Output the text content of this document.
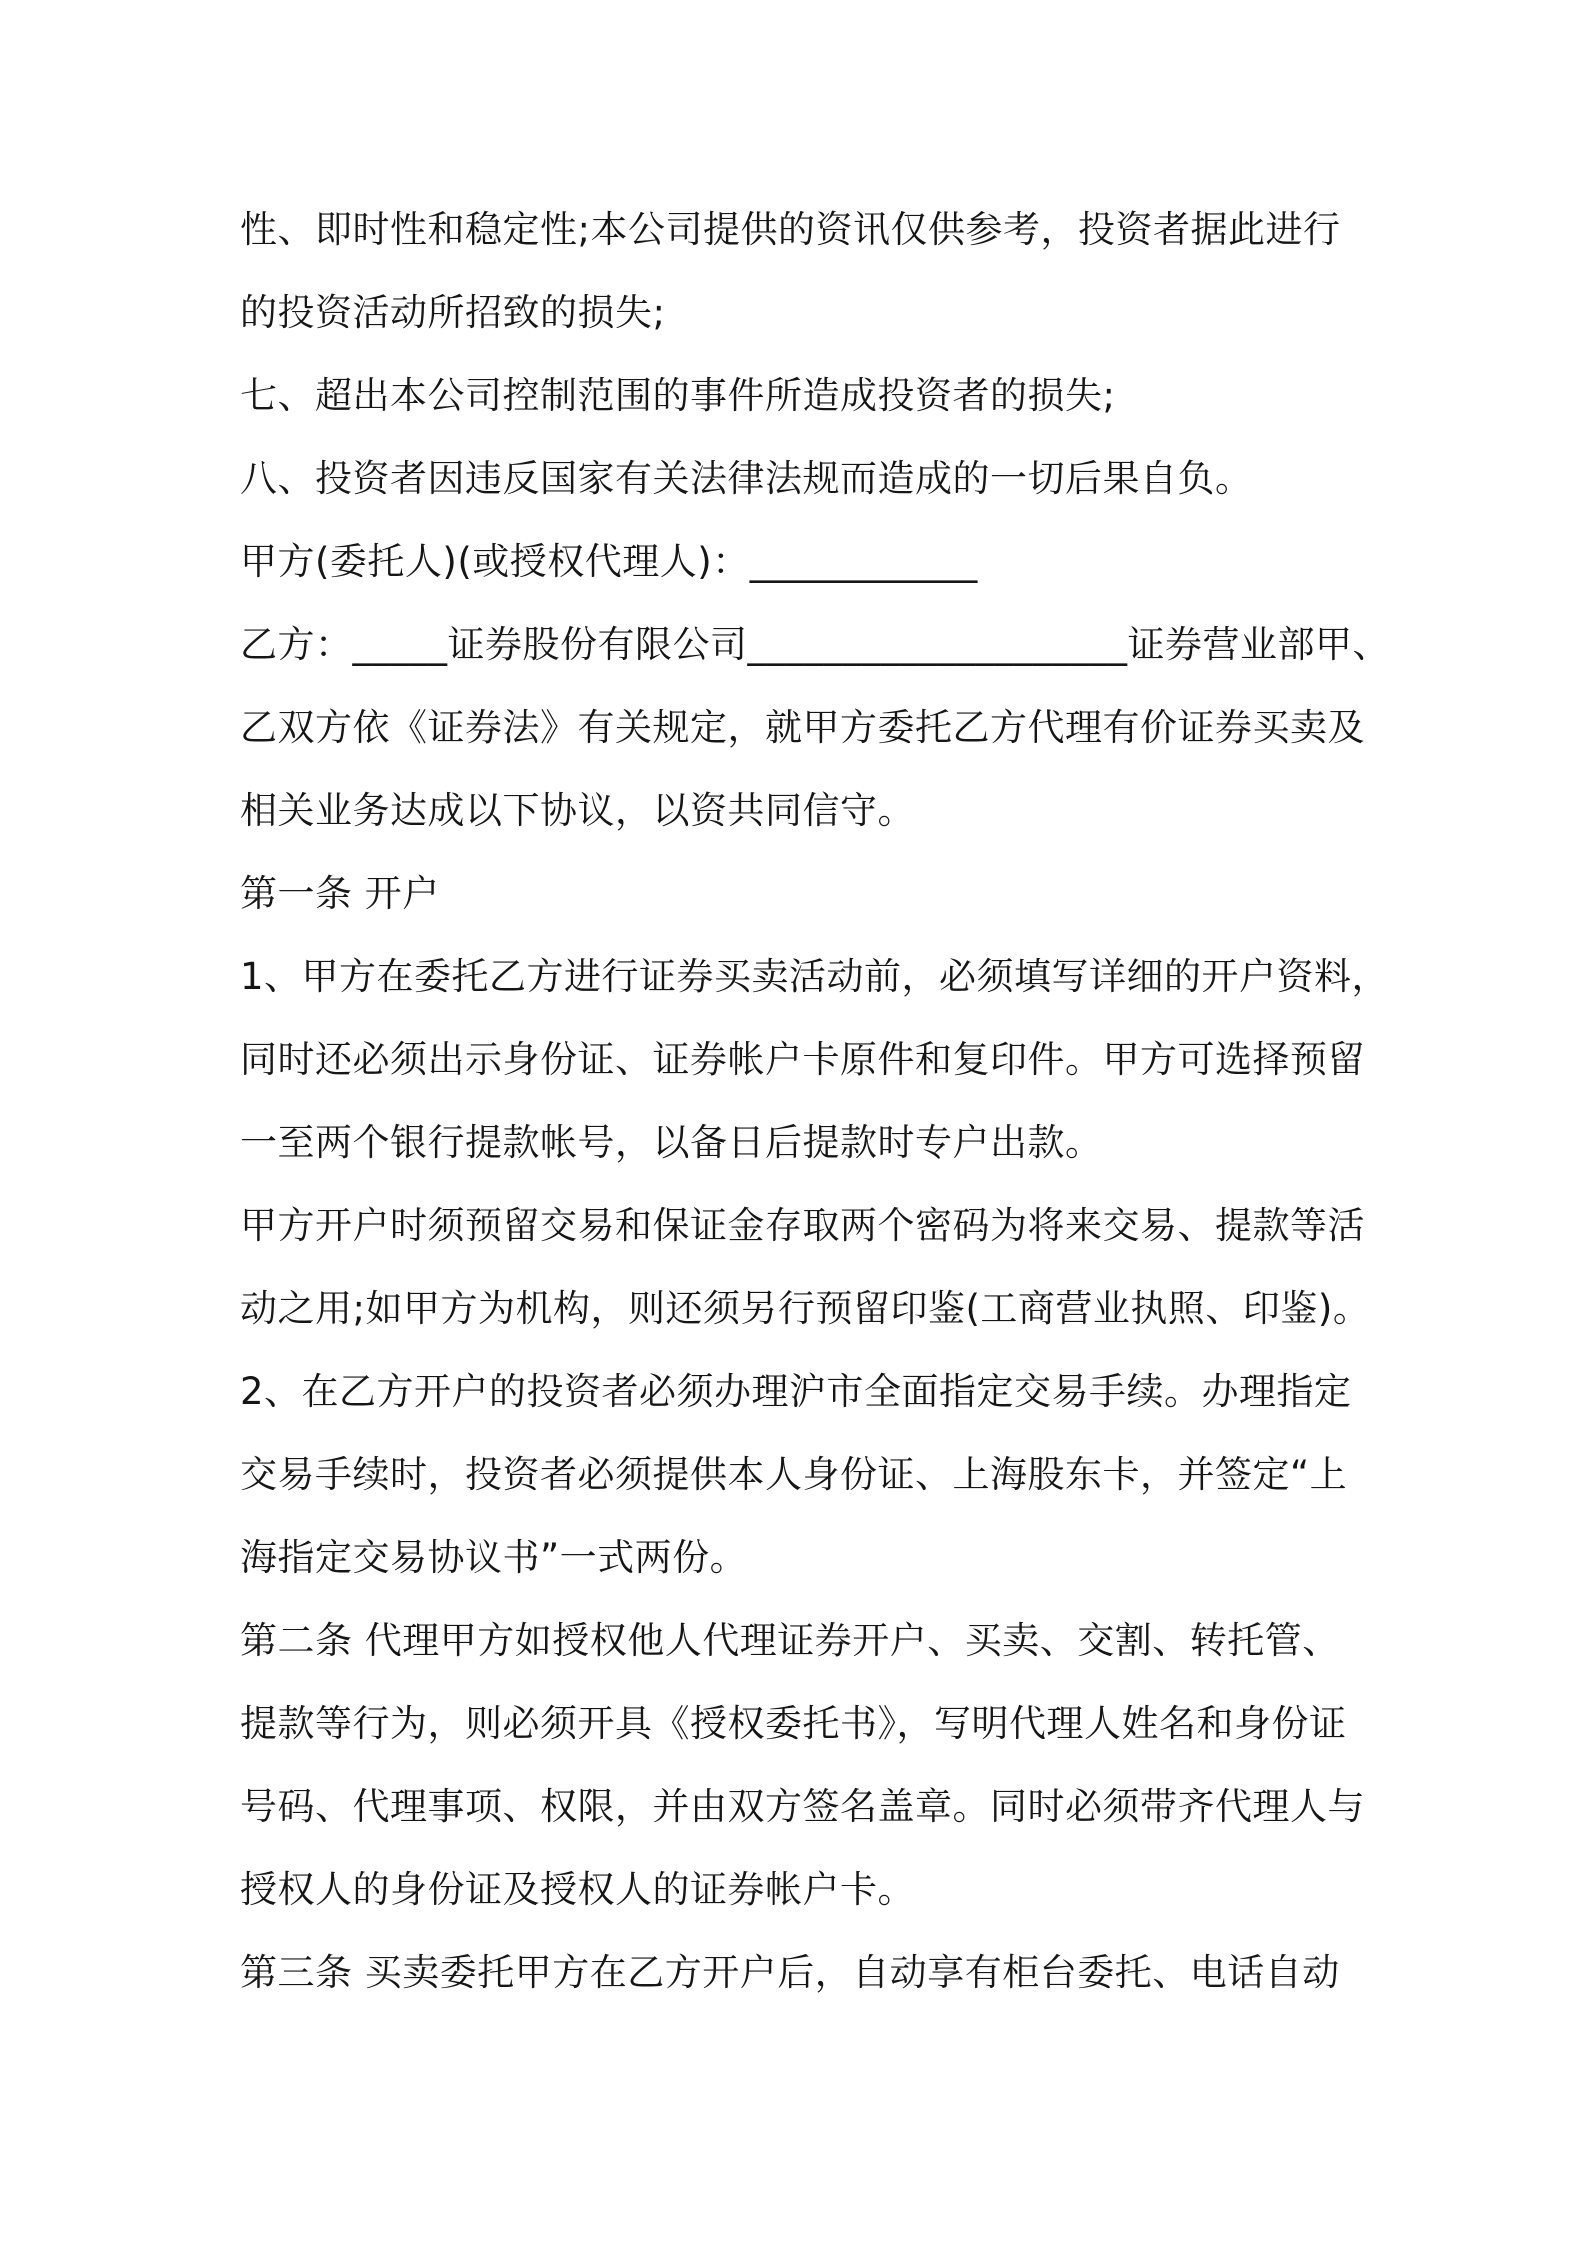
性、即时性和稳定性;本公司提供的资讯仅供参考，投资者据此进行
的投资活动所招致的损失;
七、超出本公司控制范围的事件所造成投资者的损失;
八、投资者因违反国家有关法律法规而造成的一切后果自负。
甲方(委托人)(或授权代理人)：____________
乙方：_____证券股份有限公司____________________证券营业部甲、
乙双方依《证券法》有关规定，就甲方委托乙方代理有价证券买卖及
相关业务达成以下协议，以资共同信守。
第一条 开户
1、甲方在委托乙方进行证券买卖活动前，必须填写详细的开户资料，
同时还必须出示身份证、证券帐户卡原件和复印件。甲方可选择预留
一至两个银行提款帐号，以备日后提款时专户出款。
甲方开户时须预留交易和保证金存取两个密码为将来交易、提款等活
动之用;如甲方为机构，则还须另行预留印鉴(工商营业执照、印鉴)。
2、在乙方开户的投资者必须办理沪市全面指定交易手续。办理指定
交易手续时，投资者必须提供本人身份证、上海股东卡，并签定“上
海指定交易协议书”一式两份。
第二条 代理甲方如授权他人代理证券开户、买卖、交割、转托管、
提款等行为，则必须开具《授权委托书》，写明代理人姓名和身份证
号码、代理事项、权限，并由双方签名盖章。同时必须带齐代理人与
授权人的身份证及授权人的证券帐户卡。
第三条 买卖委托甲方在乙方开户后，自动享有柜台委托、电话自动
